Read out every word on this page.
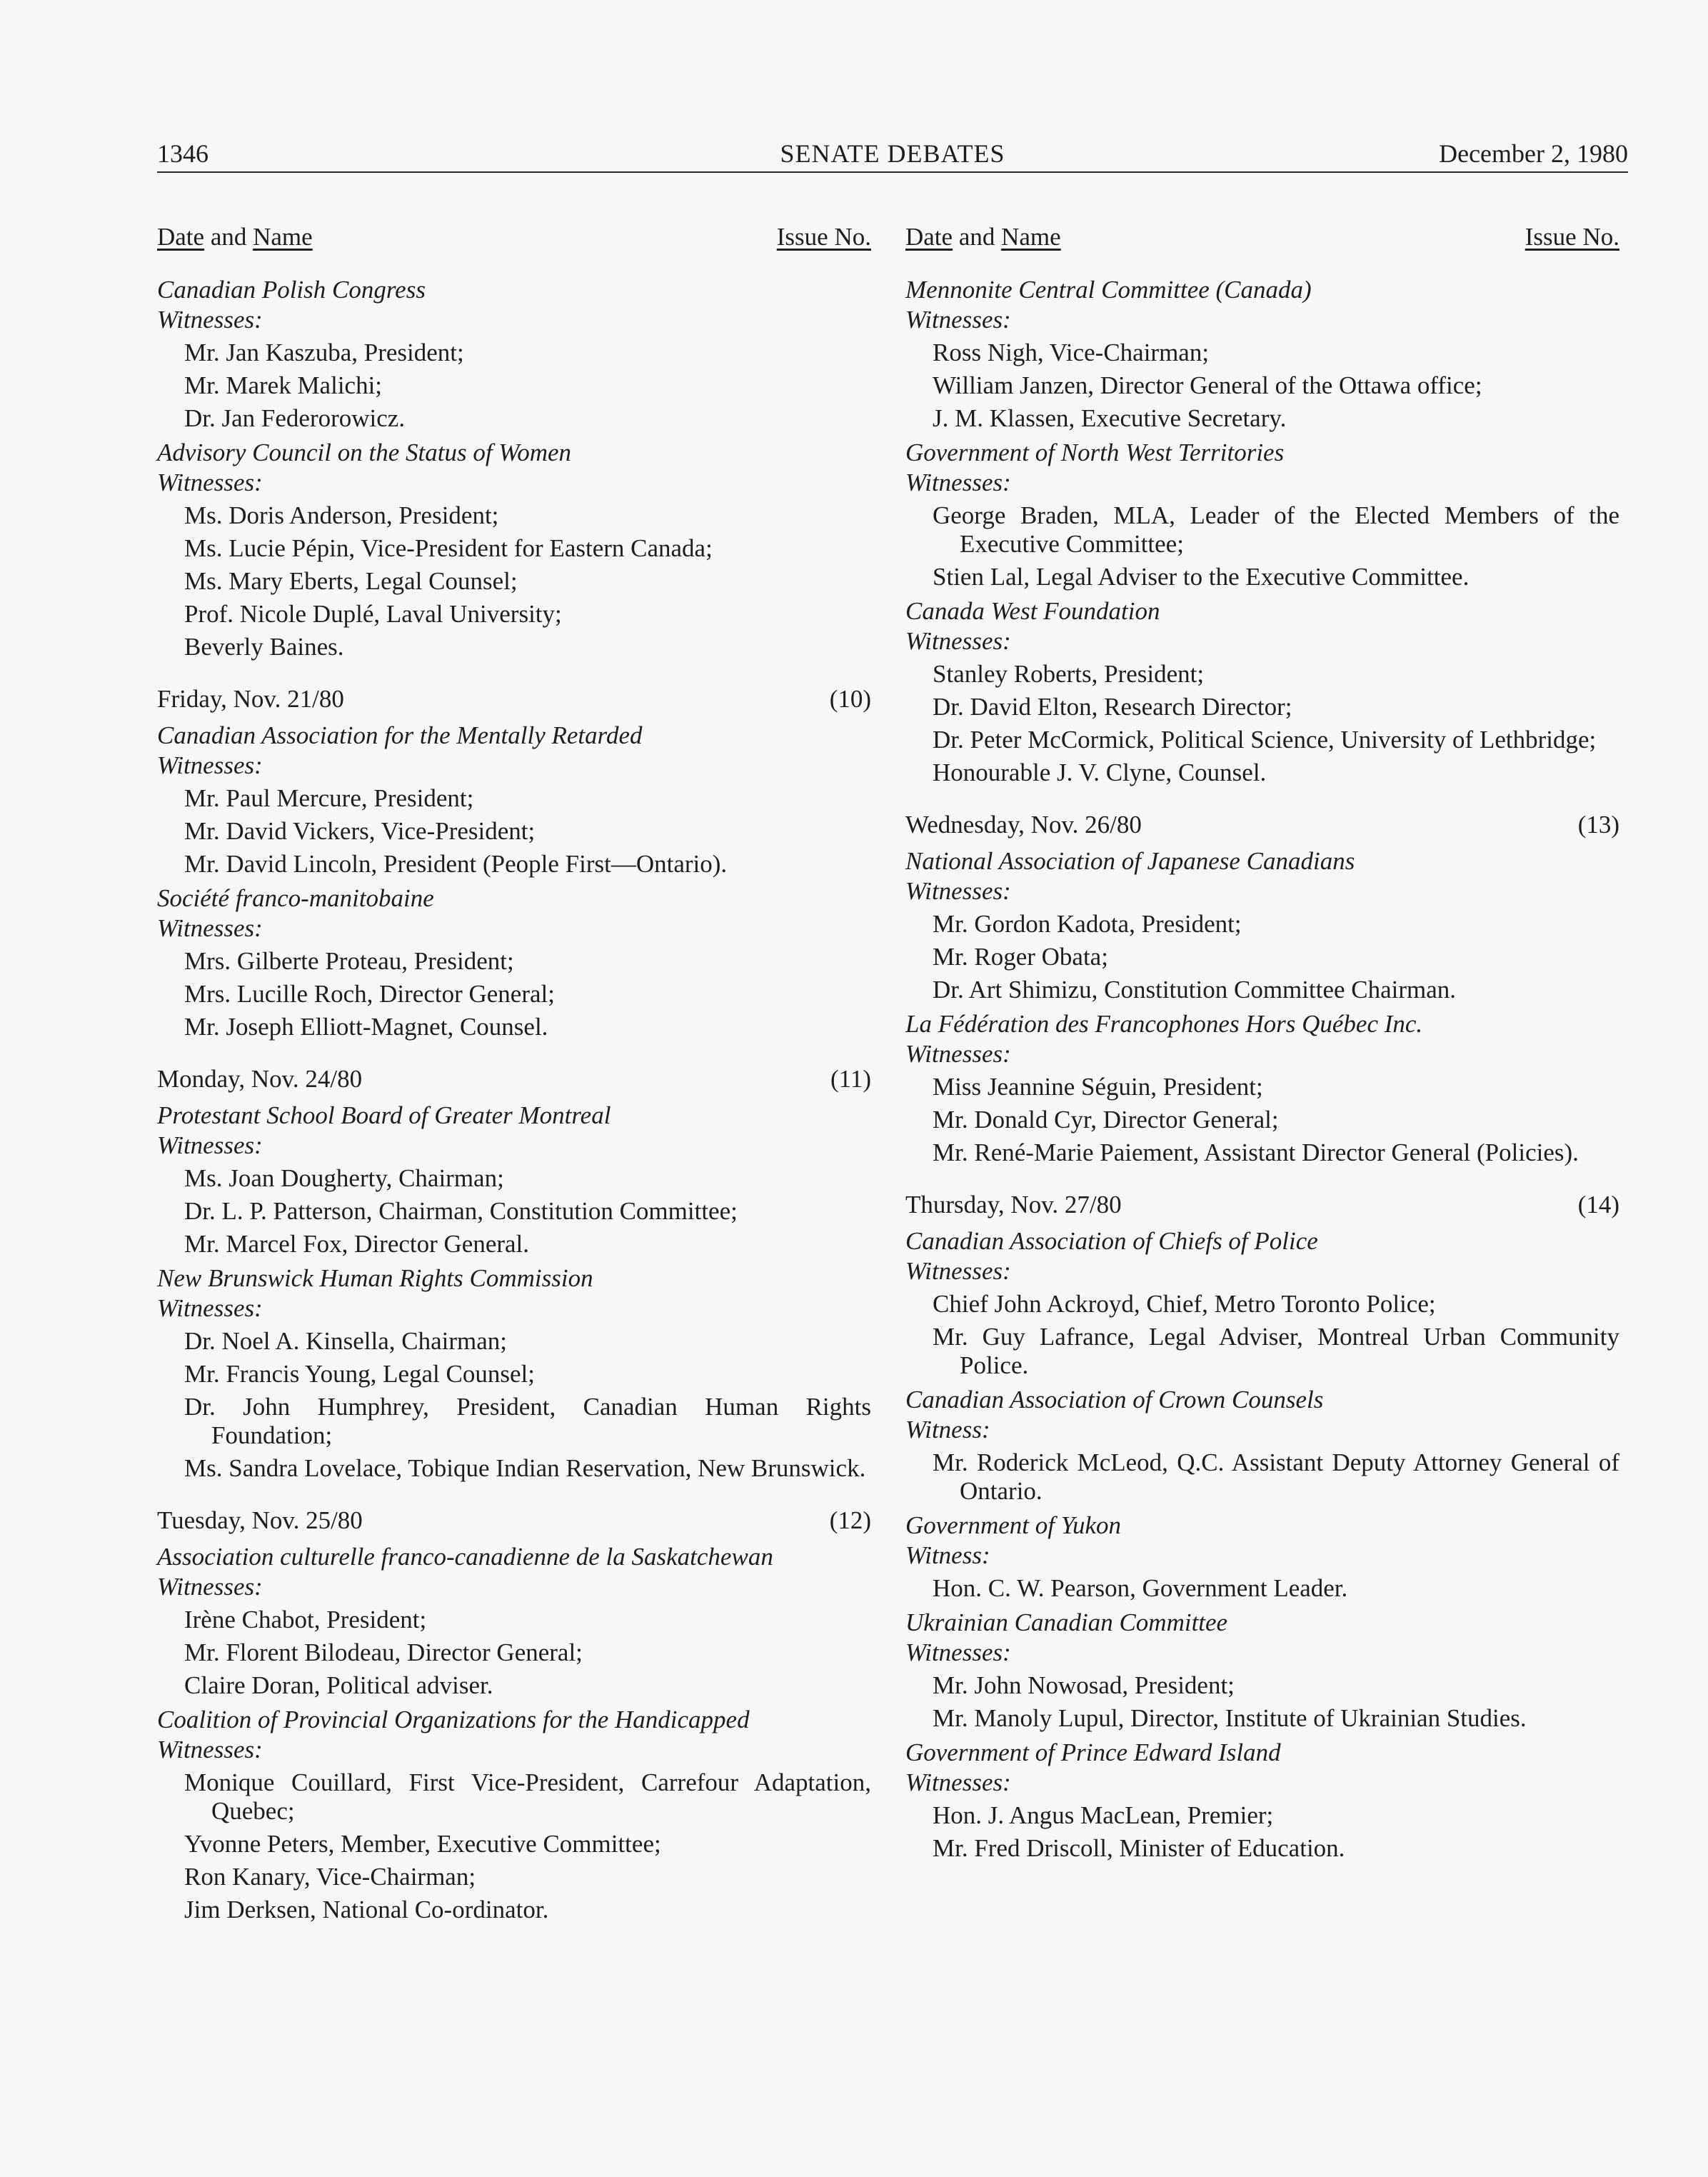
1346	SENATE DEBATES	December 2, 1980
Date and Name	Issue No.
Canadian Polish Congress
Witnesses:
Mr. Jan Kaszuba, President;
Mr. Marek Malichi;
Dr. Jan Federorowicz.
Advisory Council on the Status of Women
Witnesses:
Ms. Doris Anderson, President;
Ms. Lucie Pépin, Vice-President for Eastern Canada;
Ms. Mary Eberts, Legal Counsel;
Prof. Nicole Duplé, Laval University;
Beverly Baines.
Friday, Nov. 21/80	(10)
Canadian Association for the Mentally Retarded
Witnesses:
Mr. Paul Mercure, President;
Mr. David Vickers, Vice-President;
Mr. David Lincoln, President (People First—Ontario).
Société franco-manitobaine
Witnesses:
Mrs. Gilberte Proteau, President;
Mrs. Lucille Roch, Director General;
Mr. Joseph Elliott-Magnet, Counsel.
Monday, Nov. 24/80	(11)
Protestant School Board of Greater Montreal
Witnesses:
Ms. Joan Dougherty, Chairman;
Dr. L. P. Patterson, Chairman, Constitution Committee;
Mr. Marcel Fox, Director General.
New Brunswick Human Rights Commission
Witnesses:
Dr. Noel A. Kinsella, Chairman;
Mr. Francis Young, Legal Counsel;
Dr. John Humphrey, President, Canadian Human Rights Foundation;
Ms. Sandra Lovelace, Tobique Indian Reservation, New Brunswick.
Tuesday, Nov. 25/80	(12)
Association culturelle franco-canadienne de la Saskatchewan
Witnesses:
Irène Chabot, President;
Mr. Florent Bilodeau, Director General;
Claire Doran, Political adviser.
Coalition of Provincial Organizations for the Handicapped
Witnesses:
Monique Couillard, First Vice-President, Carrefour Adaptation, Quebec;
Yvonne Peters, Member, Executive Committee;
Ron Kanary, Vice-Chairman;
Jim Derksen, National Co-ordinator.
Date and Name	Issue No.
Mennonite Central Committee (Canada)
Witnesses:
Ross Nigh, Vice-Chairman;
William Janzen, Director General of the Ottawa office;
J. M. Klassen, Executive Secretary.
Government of North West Territories
Witnesses:
George Braden, MLA, Leader of the Elected Members of the Executive Committee;
Stien Lal, Legal Adviser to the Executive Committee.
Canada West Foundation
Witnesses:
Stanley Roberts, President;
Dr. David Elton, Research Director;
Dr. Peter McCormick, Political Science, University of Lethbridge;
Honourable J. V. Clyne, Counsel.
Wednesday, Nov. 26/80	(13)
National Association of Japanese Canadians
Witnesses:
Mr. Gordon Kadota, President;
Mr. Roger Obata;
Dr. Art Shimizu, Constitution Committee Chairman.
La Fédération des Francophones Hors Québec Inc.
Witnesses:
Miss Jeannine Séguin, President;
Mr. Donald Cyr, Director General;
Mr. René-Marie Paiement, Assistant Director General (Policies).
Thursday, Nov. 27/80	(14)
Canadian Association of Chiefs of Police
Witnesses:
Chief John Ackroyd, Chief, Metro Toronto Police;
Mr. Guy Lafrance, Legal Adviser, Montreal Urban Community Police.
Canadian Association of Crown Counsels
Witness:
Mr. Roderick McLeod, Q.C. Assistant Deputy Attorney General of Ontario.
Government of Yukon
Witness:
Hon. C. W. Pearson, Government Leader.
Ukrainian Canadian Committee
Witnesses:
Mr. John Nowosad, President;
Mr. Manoly Lupul, Director, Institute of Ukrainian Studies.
Government of Prince Edward Island
Witnesses:
Hon. J. Angus MacLean, Premier;
Mr. Fred Driscoll, Minister of Education.
